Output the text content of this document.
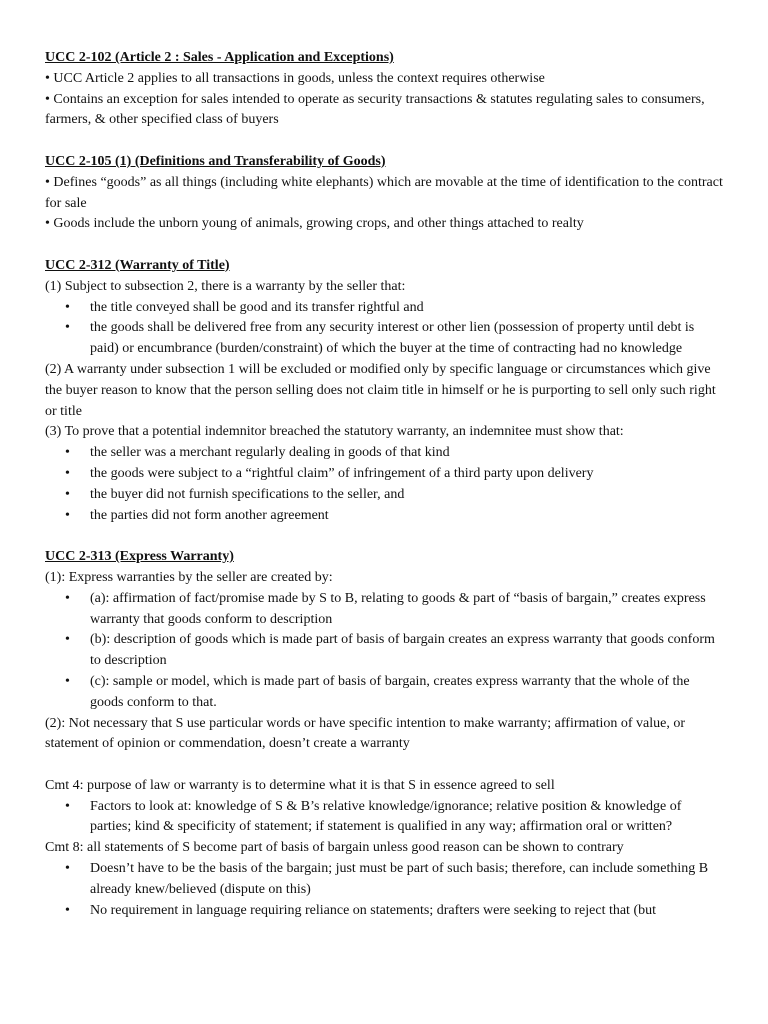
UCC 2-102 (Article 2 : Sales - Application and Exceptions)
• UCC Article 2 applies to all transactions in goods, unless the context requires otherwise
• Contains an exception for sales intended to operate as security transactions & statutes regulating sales to consumers, farmers, & other specified class of buyers
UCC 2-105 (1) (Definitions and Transferability of Goods)
• Defines “goods” as all things (including white elephants) which are movable at the time of identification to the contract for sale
• Goods include the unborn young of animals, growing crops, and other things attached to realty
UCC 2-312 (Warranty of Title)
(1) Subject to subsection 2, there is a warranty by the seller that:
• the title conveyed shall be good and its transfer rightful and
• the goods shall be delivered free from any security interest or other lien (possession of property until debt is paid) or encumbrance (burden/constraint) of which the buyer at the time of contracting had no knowledge
(2) A warranty under subsection 1 will be excluded or modified only by specific language or circumstances which give the buyer reason to know that the person selling does not claim title in himself or he is purporting to sell only such right or title
(3) To prove that a potential indemnitor breached the statutory warranty, an indemnitee must show that:
• the seller was a merchant regularly dealing in goods of that kind
• the goods were subject to a “rightful claim” of infringement of a third party upon delivery
• the buyer did not furnish specifications to the seller, and
• the parties did not form another agreement
UCC 2-313 (Express Warranty)
(1): Express warranties by the seller are created by:
• (a): affirmation of fact/promise made by S to B, relating to goods & part of “basis of bargain,” creates express warranty that goods conform to description
• (b): description of goods which is made part of basis of bargain creates an express warranty that goods conform to description
• (c): sample or model, which is made part of basis of bargain, creates express warranty that the whole of the goods conform to that.
(2): Not necessary that S use particular words or have specific intention to make warranty; affirmation of value, or statement of opinion or commendation, doesn’t create a warranty
Cmt 4: purpose of law or warranty is to determine what it is that S in essence agreed to sell
• Factors to look at: knowledge of S & B’s relative knowledge/ignorance; relative position & knowledge of parties; kind & specificity of statement; if statement is qualified in any way; affirmation oral or written?
Cmt 8: all statements of S become part of basis of bargain unless good reason can be shown to contrary
• Doesn’t have to be the basis of the bargain; just must be part of such basis; therefore, can include something B already knew/believed (dispute on this)
• No requirement in language requiring reliance on statements; drafters were seeking to reject that (but
